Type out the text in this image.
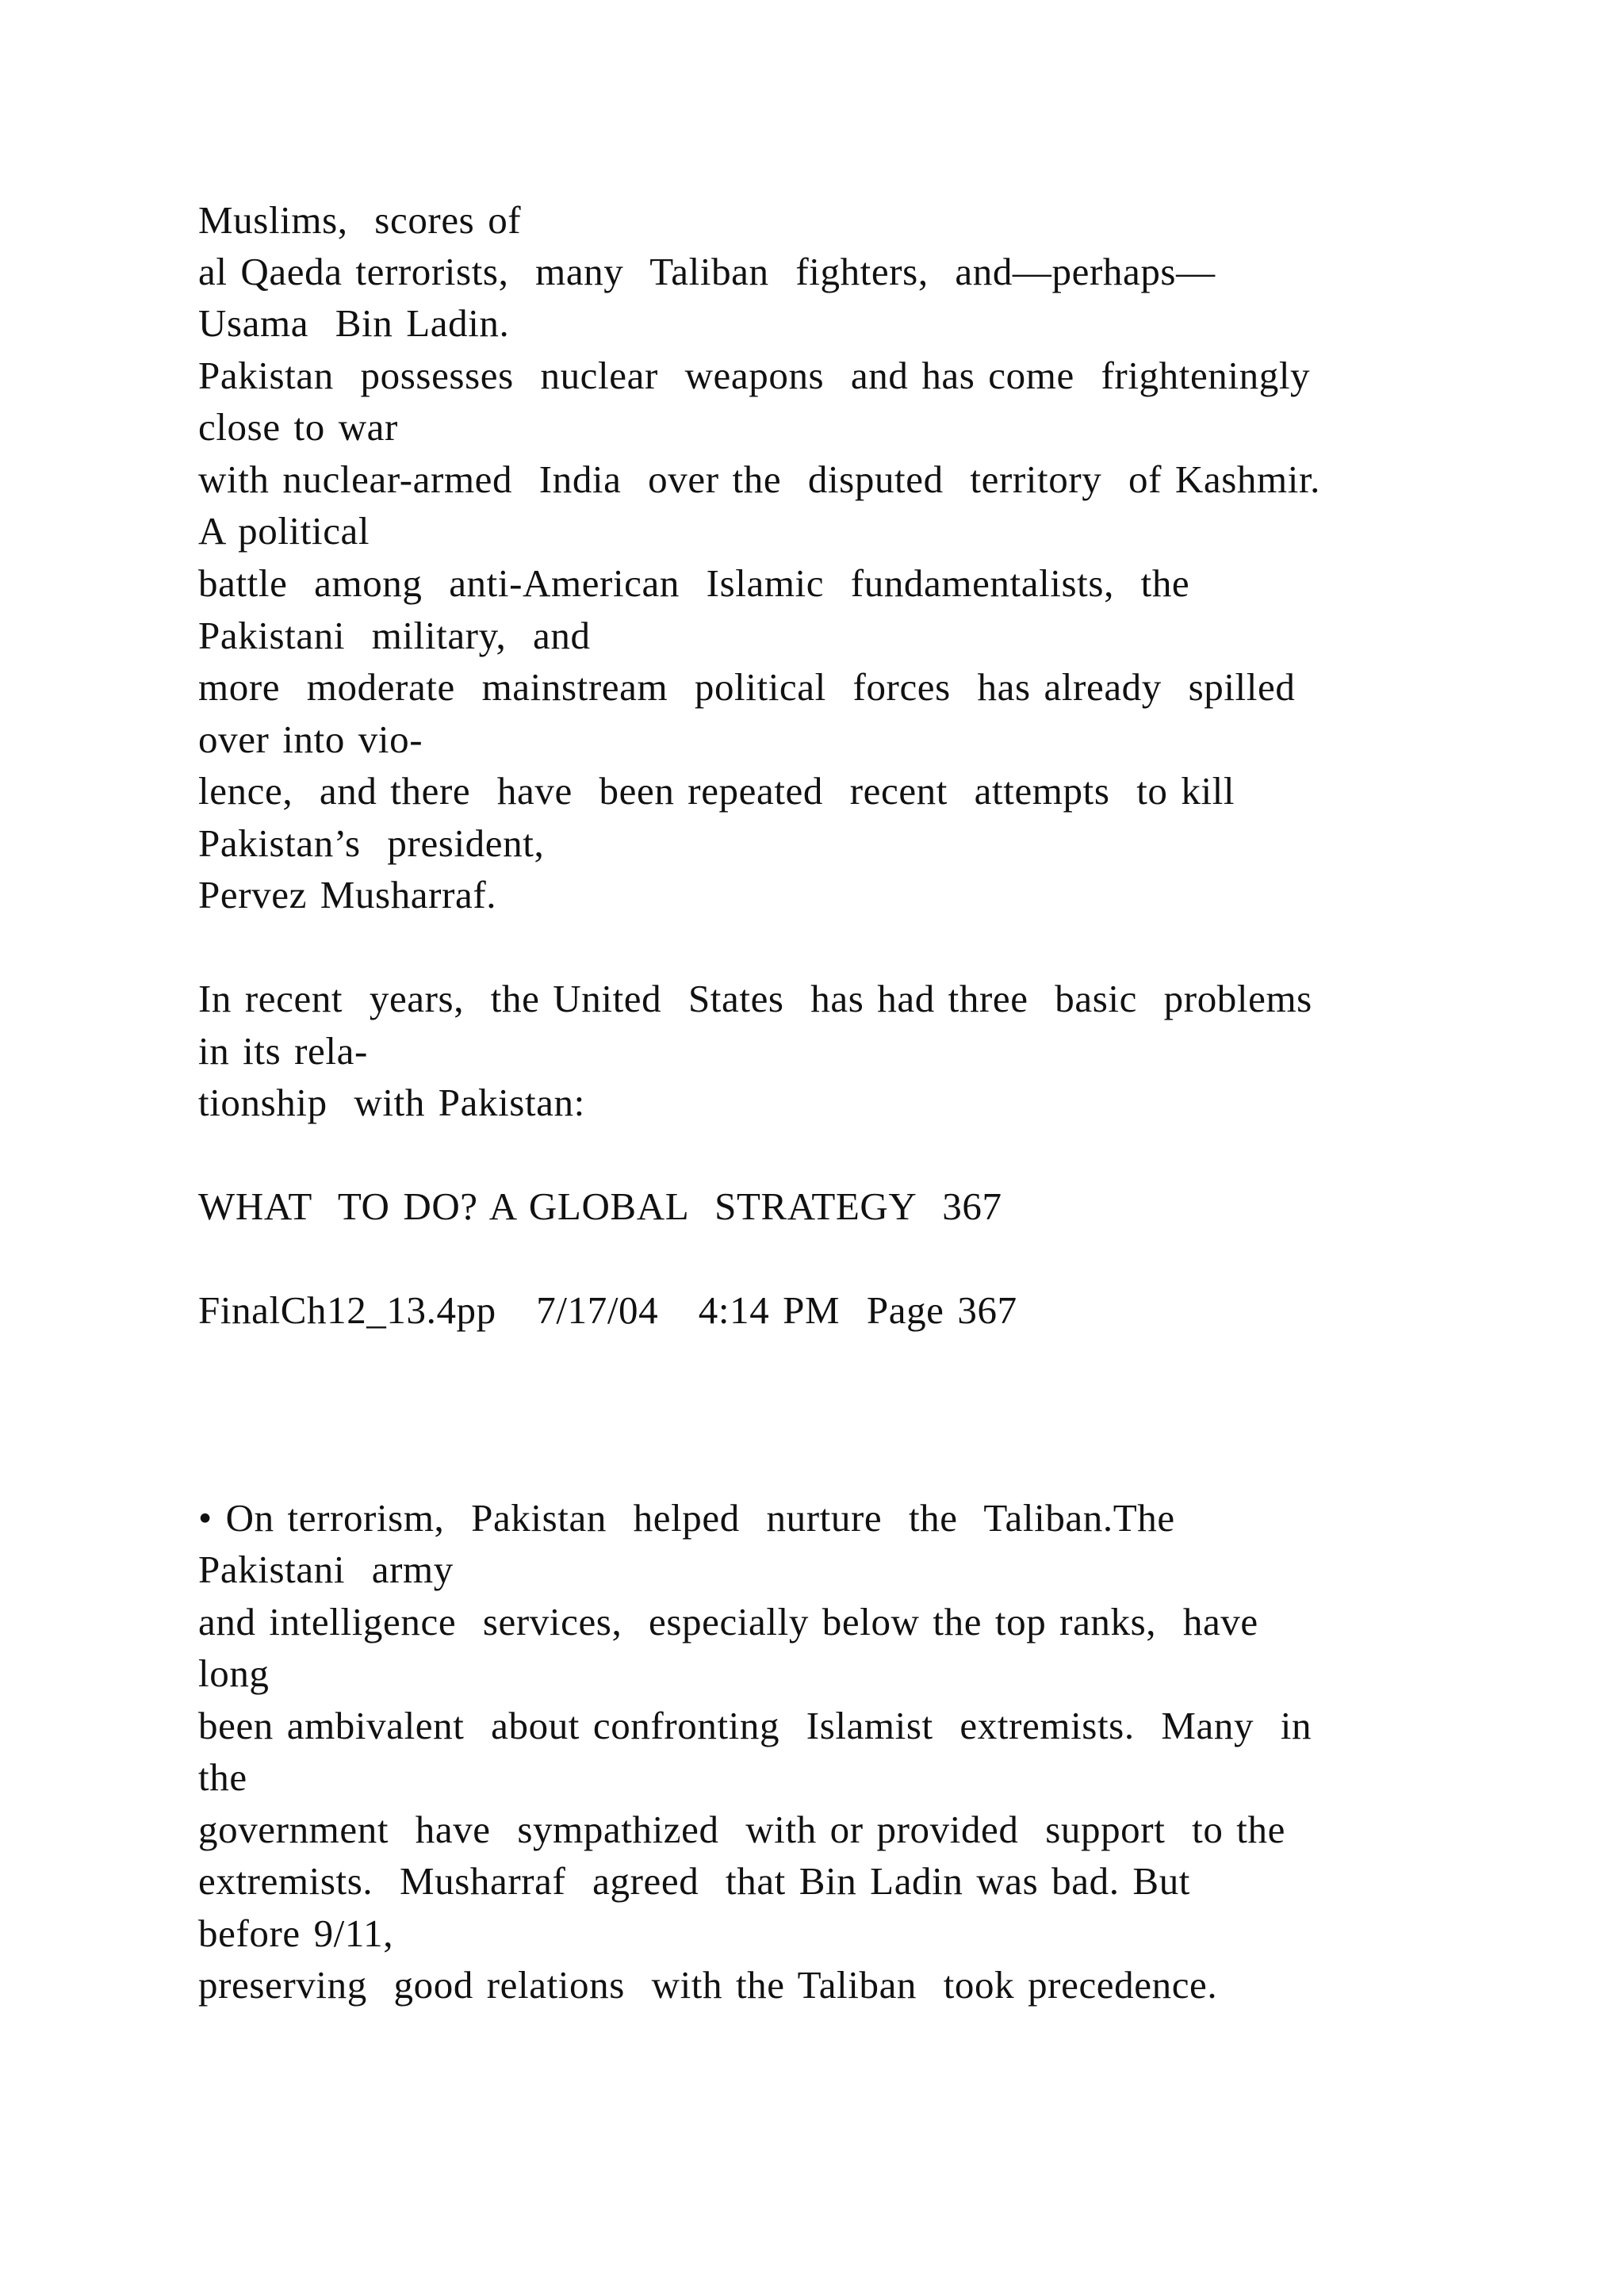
Muslims,  scores of

al Qaeda terrorists,  many  Taliban  fighters,  and—perhaps—

Usama  Bin Ladin.

Pakistan  possesses  nuclear  weapons  and has come  frighteningly

close to war

with nuclear-armed  India  over the  disputed  territory  of Kashmir.

A political

battle  among  anti-American  Islamic  fundamentalists,  the

Pakistani  military,  and

more  moderate  mainstream  political  forces  has already  spilled

over into vio-

lence,  and there  have  been repeated  recent  attempts  to kill

Pakistan’s  president,

Pervez Musharraf.

In recent  years,  the United  States  has had three  basic  problems

in its rela-

tionship  with Pakistan:

WHAT  TO DO? A GLOBAL  STRATEGY  367

FinalCh12_13.4pp   7/17/04   4:14 PM  Page 367

• On terrorism,  Pakistan  helped  nurture  the  Taliban.The

Pakistani  army

and intelligence  services,  especially below the top ranks,  have

long

been ambivalent  about confronting  Islamist  extremists.  Many  in

the

government  have  sympathized  with or provided  support  to the

extremists.  Musharraf  agreed  that Bin Ladin was bad. But

before 9/11,

preserving  good relations  with the Taliban  took precedence.
